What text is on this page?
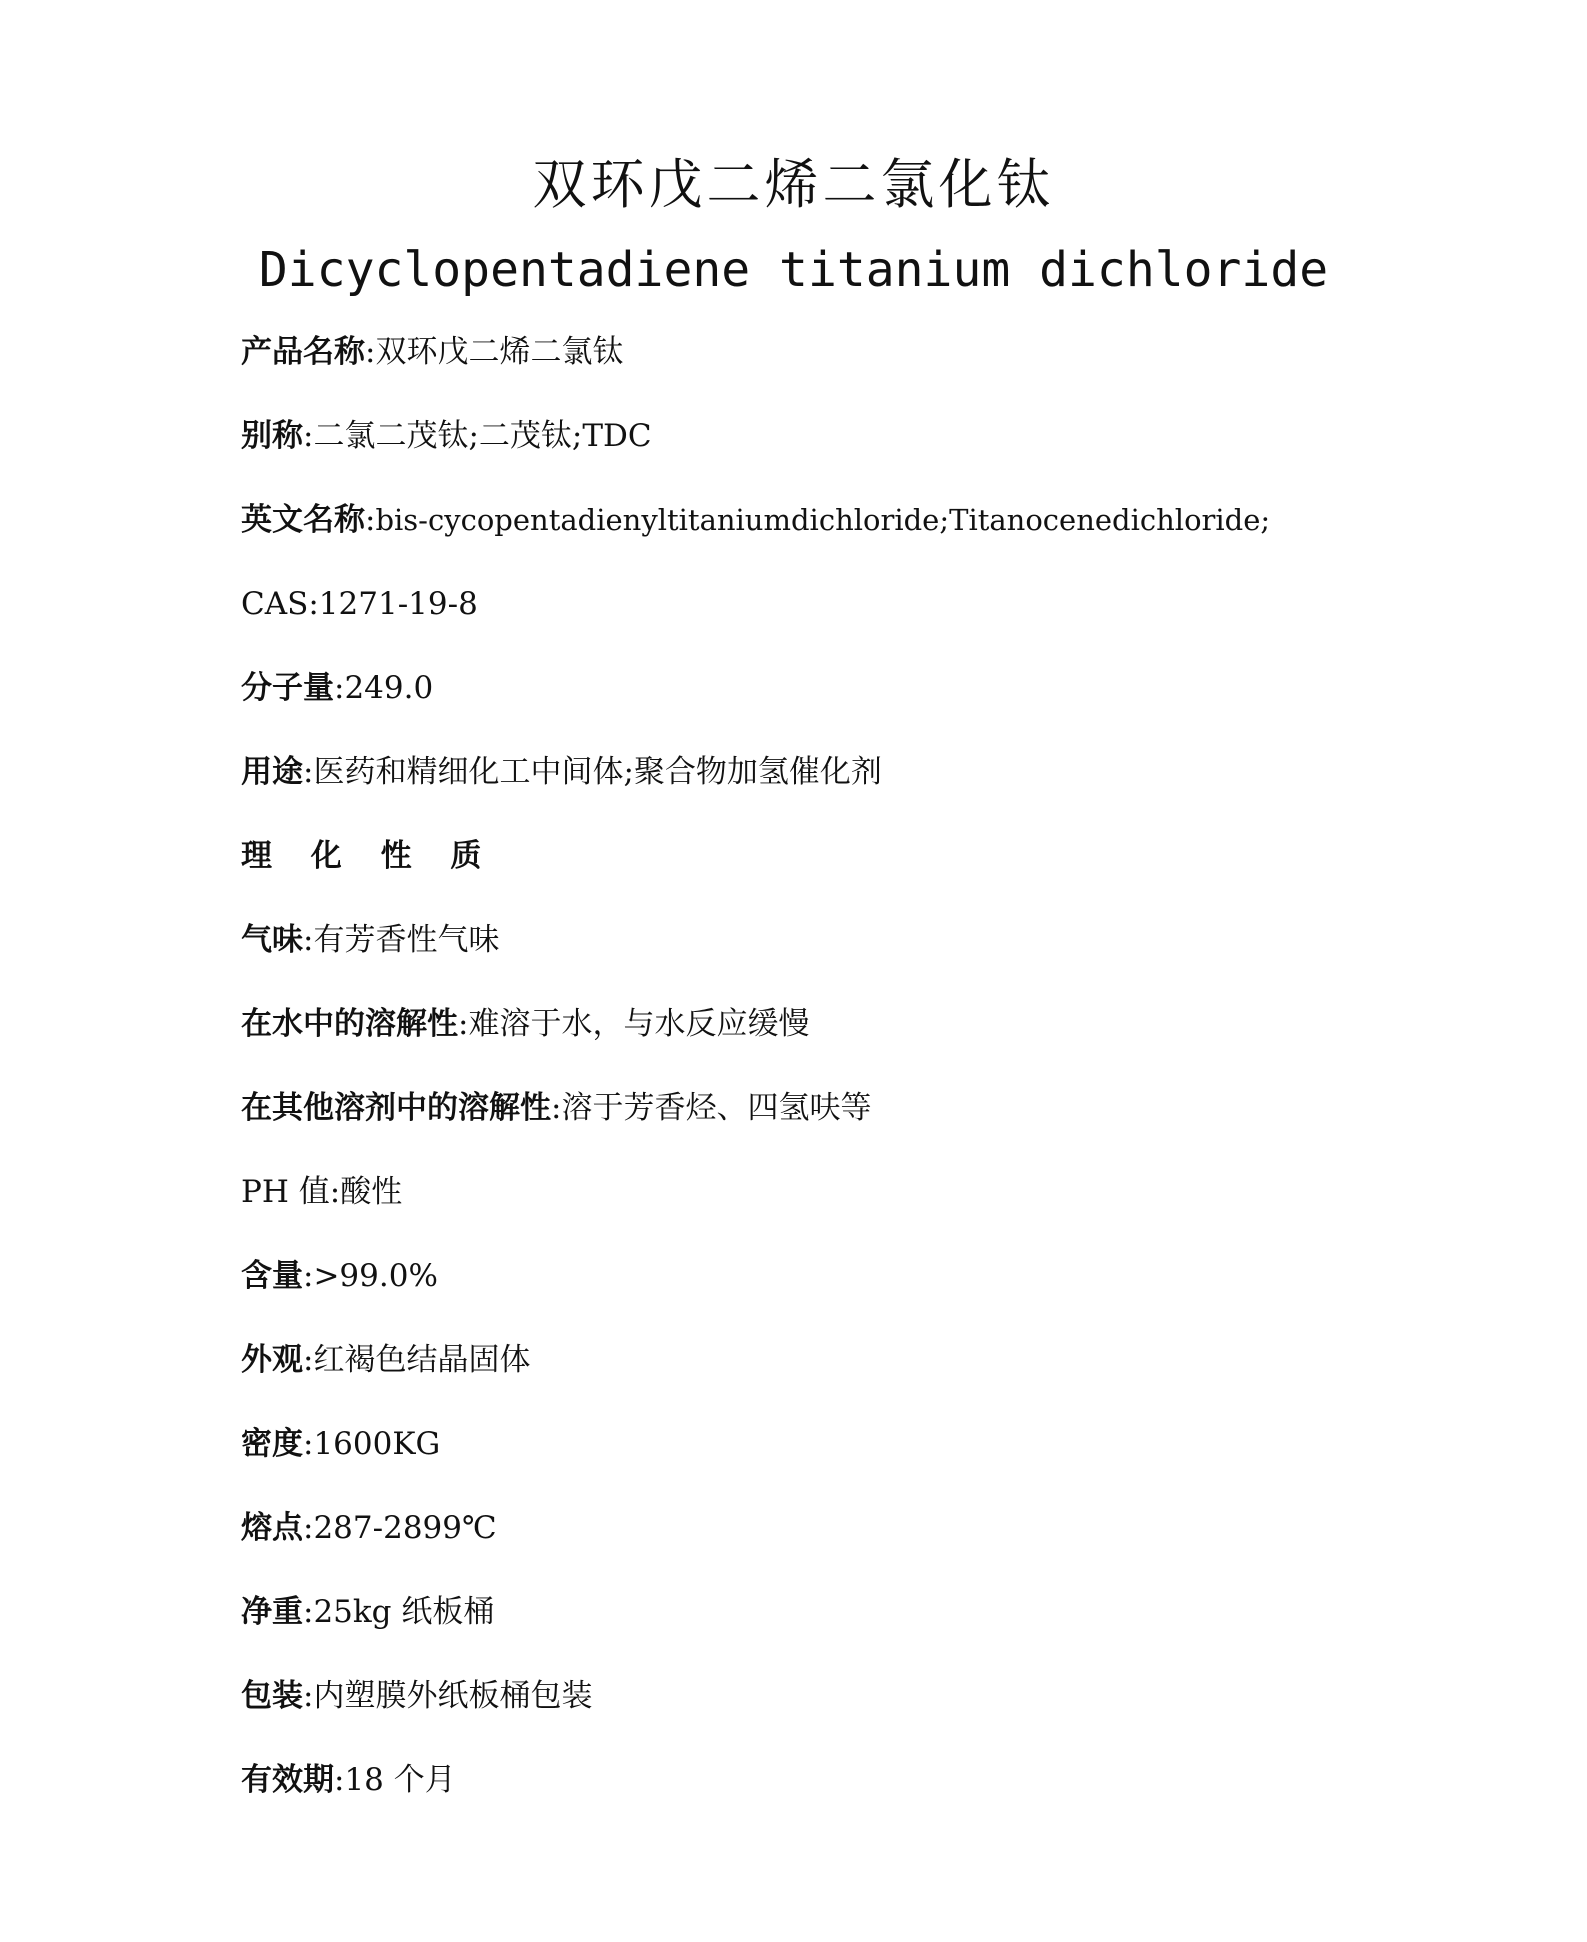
双环戊二烯二氯化钛
Dicyclopentadiene titanium dichloride
产品名称:双环戊二烯二氯钛
别称:二氯二茂钛;二茂钛;TDC
英文名称:bis-cycopentadienyltitaniumdichloride;Titanocenedichloride;
CAS:1271-19-8
分子量:249.0
用途:医药和精细化工中间体;聚合物加氢催化剂
理 化 性 质
气味:有芳香性气味
在水中的溶解性:难溶于水，与水反应缓慢
在其他溶剂中的溶解性:溶于芳香烃、四氢呋等
PH 值:酸性
含量:>99.0%
外观:红褐色结晶固体
密度:1600KG
熔点:287-2899℃
净重:25kg 纸板桶
包装:内塑膜外纸板桶包装
有效期:18 个月
